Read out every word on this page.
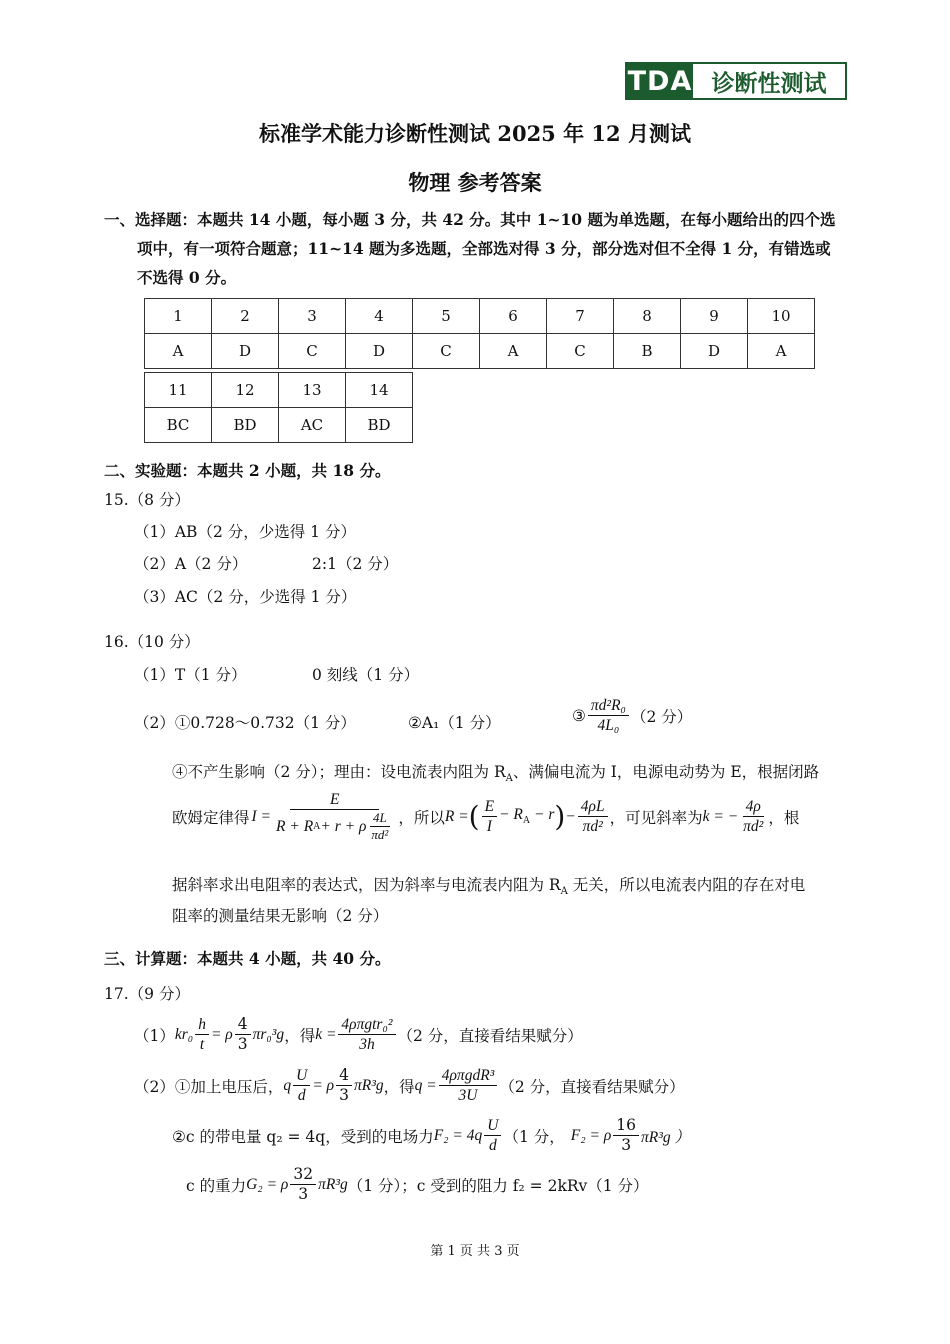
TDA 诊断性测试
标准学术能力诊断性测试 2025 年 12 月测试
物理 参考答案
一、选择题：本题共 14 小题，每小题 3 分，共 42 分。其中 1~10 题为单选题，在每小题给出的四个选
项中，有一项符合题意；11~14 题为多选题，全部选对得 3 分，部分选对但不全得 1 分，有错选或
不选得 0 分。
1	2	3	4	5	6	7	8	9	10
A	D	C	D	C	A	C	B	D	A
11	12	13	14
BC	BD	AC	BD
二、实验题：本题共 2 小题，共 18 分。
15.（8 分）
（1）AB（2 分，少选得 1 分）
（2）A（2 分）	2:1（2 分）
（3）AC（2 分，少选得 1 分）
16.（10 分）
（1）T（1 分）	0 刻线（1 分）
（2）①0.728～0.732（1 分）	②A₁（1 分）	③ $\frac{\text{πd²R₀}}{\text{4L₀}} (2$ 分）
④不产生影响（2 分）；理由：设电流表内阻为 $R_A$、满偏电流为 I，电源电动势为 E，根据闭路
欧姆定律得 $I = \frac{E}{R + R A + r + \rho \frac{4L}{\text{πd²}}}$ ，所以 R = ( $\frac{E}{I} - R_A - r$ ) − $\frac{4\rho L}{\text{πd²}}$ ，可见斜率为 k = − $\frac{4\rho}{\text{πd²}}$ ，根
据斜率求出电阻率的表达式，因为斜率与电流表内阻为 $R_A$ 无关，所以电流表内阻的存在对电
阻率的测量结果无影响（2 分）
三、计算题：本题共 4 小题，共 40 分。
17.（9 分）
（1） $kr_0 \frac{h}{t} = \rho \frac{4}{3} \pi r_0^3g$ ，得 $k = \frac{\text{4ρπgtr₀²}}{3h} (2$ 分，直接看结果赋分）
（2）①加上电压后， q $\frac{U}{d} = \rho \frac{4}{3} \pi R^3g$ ，得 $q = \frac{\text{4ρπgdR³}}{3U} (2$ 分，直接看结果赋分）
②c 的带电量 q₂ = 4q，受到的电场力 $F_2 = 4q \frac{U}{d} (1$ 分， F₂ = ρ $\frac{16}{3} \pi R^3g$ ）
c 的重力 G₂ = ρ $\frac{32}{3} \pi R^3g$ （1 分）；c 受到的阻力 f₂ = 2kRv（1 分）
第 1 页 共 3 页
